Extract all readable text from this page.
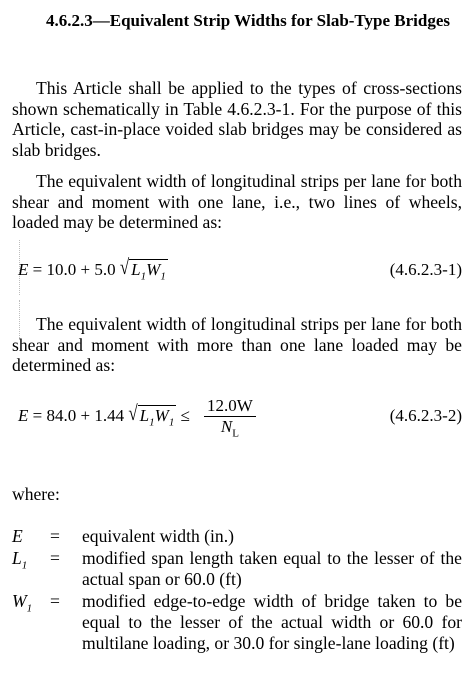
4.6.2.3—Equivalent Strip Widths for Slab-Type Bridges
This Article shall be applied to the types of cross-sections shown schematically in Table 4.6.2.3-1. For the purpose of this Article, cast-in-place voided slab bridges may be considered as slab bridges.
The equivalent width of longitudinal strips per lane for both shear and moment with one lane, i.e., two lines of wheels, loaded may be determined as:
E = 10.0 + 5.0 √ $L_1W_1$	(4.6.2.3-1)
The equivalent width of longitudinal strips per lane for both shear and moment with more than one lane loaded may be determined as:
E = 84.0 + 1.44 √ $L_1W_1 \le \frac{12.0W}{N_L}$	(4.6.2.3-2)
where:
E = equivalent width (in.)
$L_1$ = modified span length taken equal to the lesser of the actual span or 60.0 (ft)
$W_1$ = modified edge-to-edge width of bridge taken to be equal to the lesser of the actual width or 60.0 for multilane loading, or 30.0 for single-lane loading (ft)
